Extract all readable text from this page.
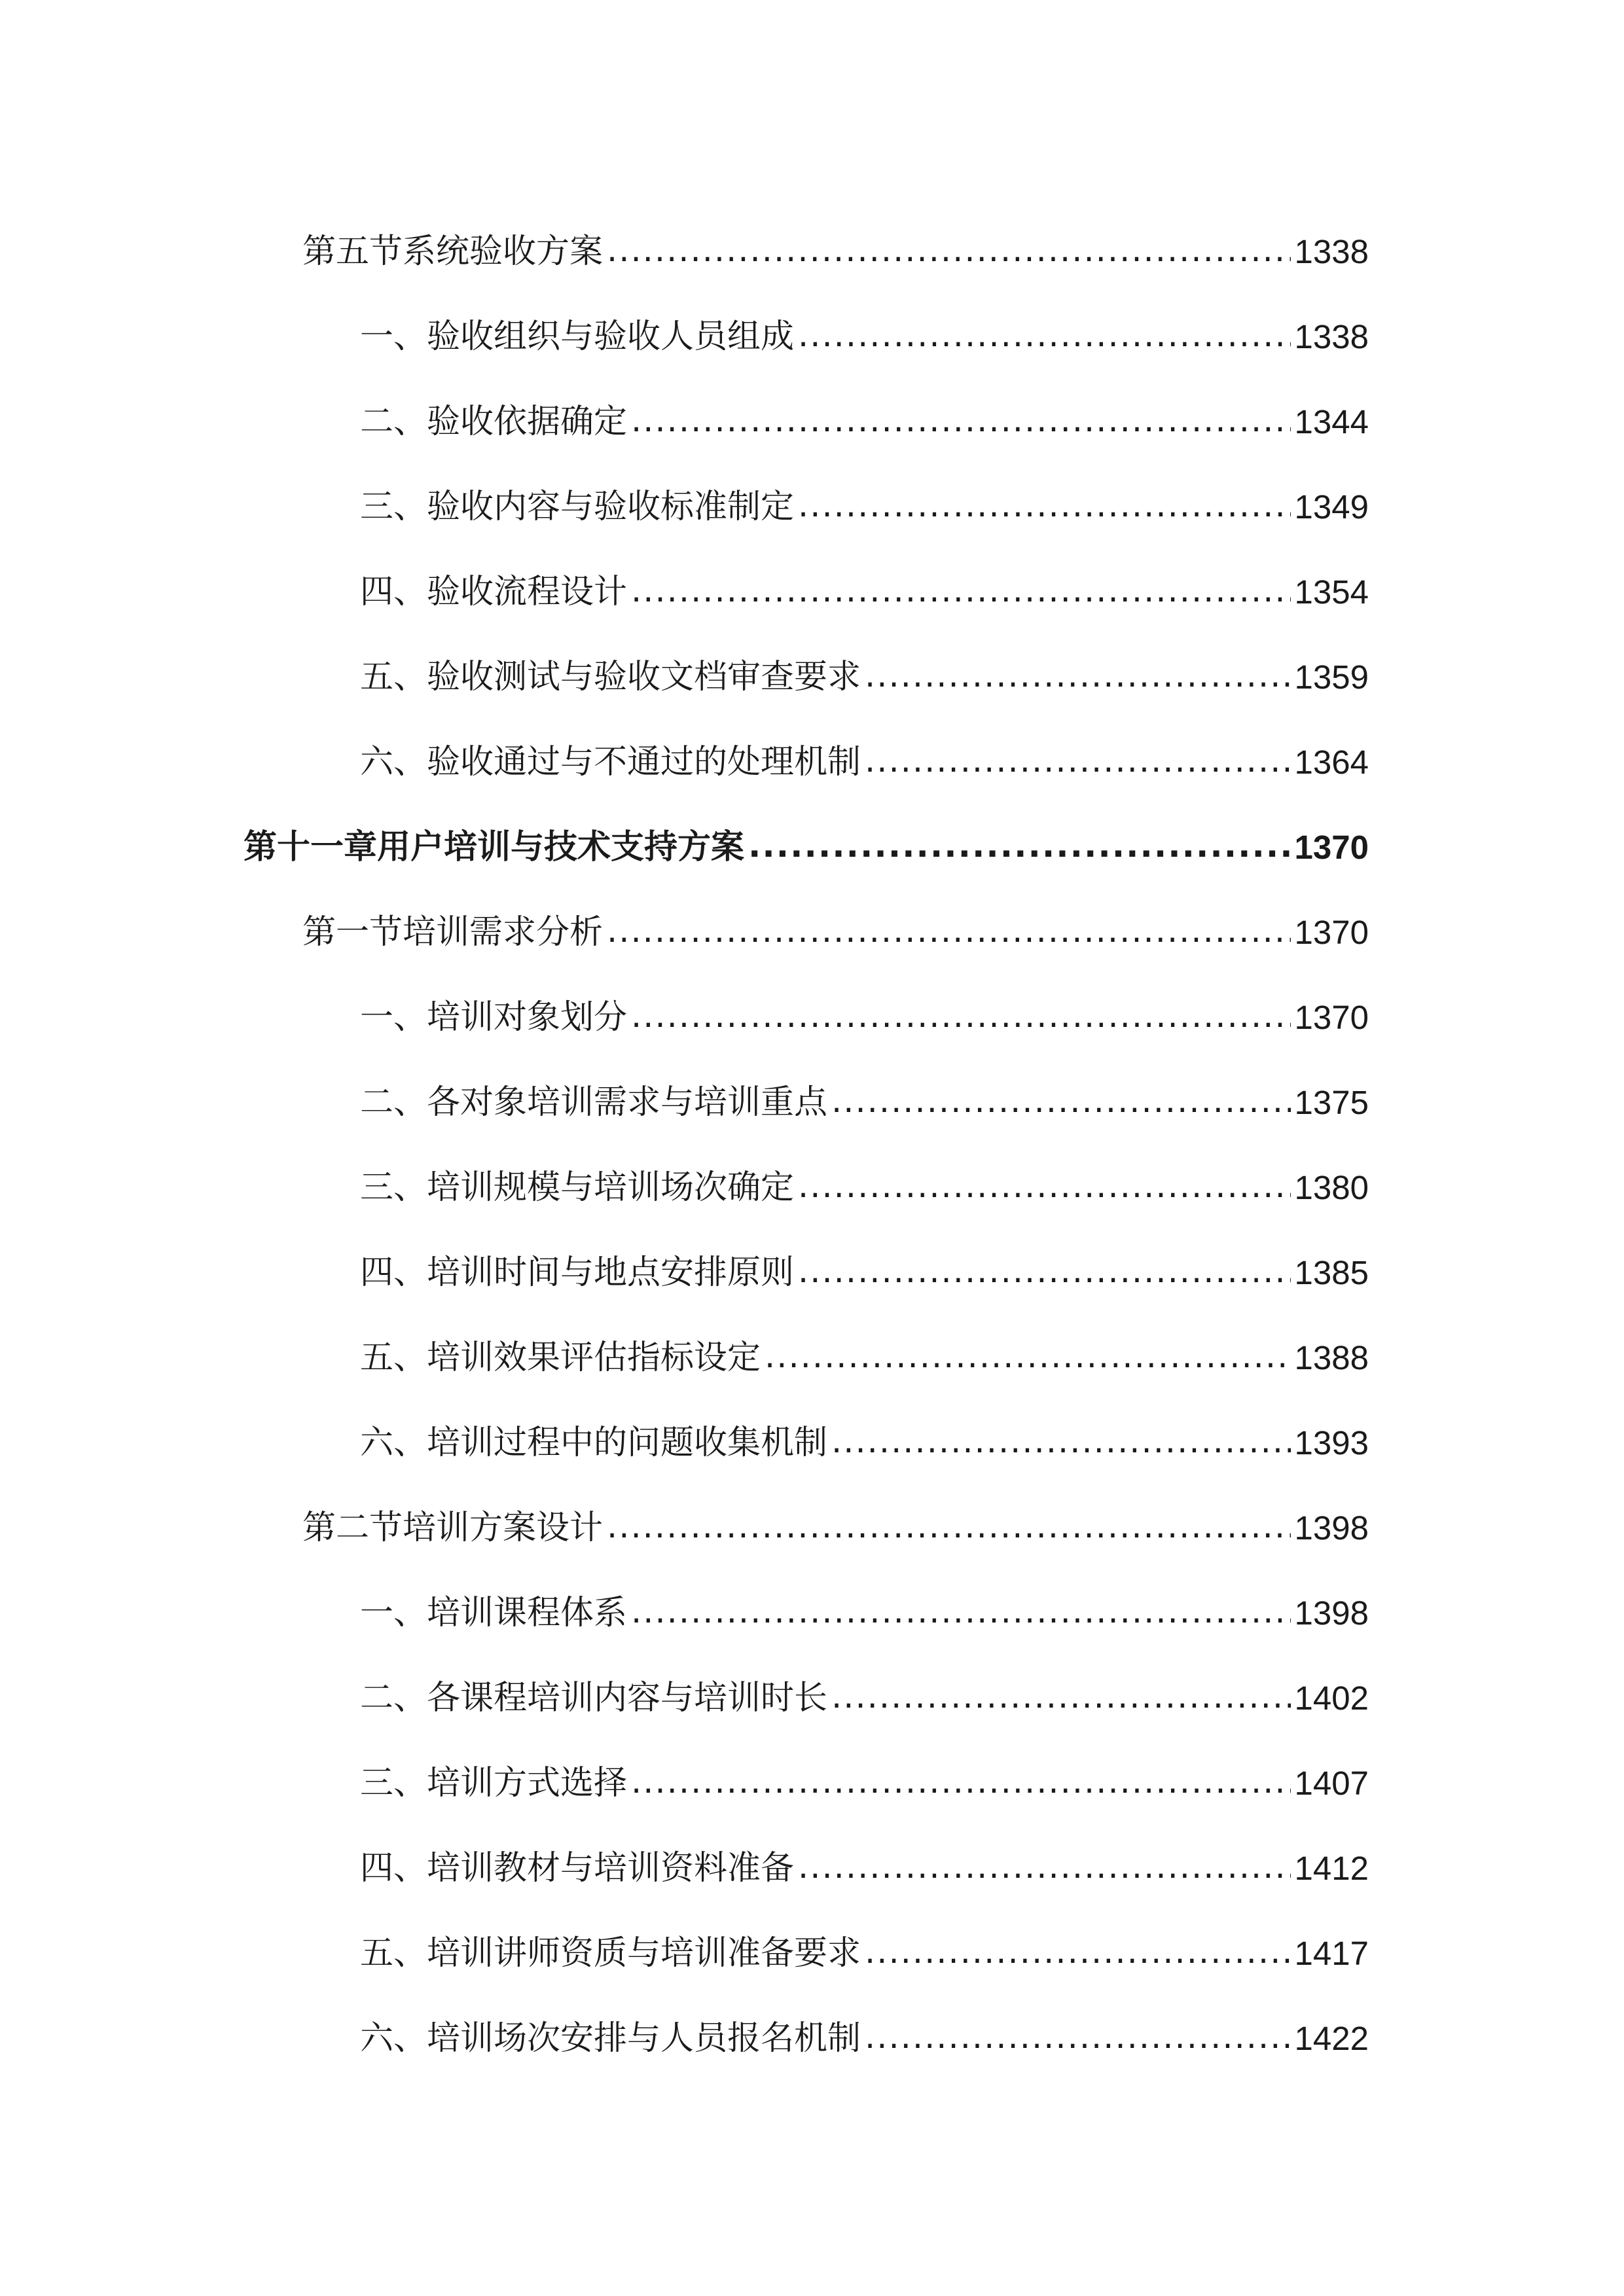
第五节系统验收方案 .....	1338
一、验收组织与验收人员组成 .....	1338
二、验收依据确定 .....	1344
三、验收内容与验收标准制定 .....	1349
四、验收流程设计 .....	1354
五、验收测试与验收文档审查要求 .....	1359
六、验收通过与不通过的处理机制 .....	1364
第十一章用户培训与技术支持方案 .....	1370
第一节培训需求分析 .....	1370
一、培训对象划分 .....	1370
二、各对象培训需求与培训重点 .....	1375
三、培训规模与培训场次确定 .....	1380
四、培训时间与地点安排原则 .....	1385
五、培训效果评估指标设定 .....	1388
六、培训过程中的问题收集机制 .....	1393
第二节培训方案设计 .....	1398
一、培训课程体系 .....	1398
二、各课程培训内容与培训时长 .....	1402
三、培训方式选择 .....	1407
四、培训教材与培训资料准备 .....	1412
五、培训讲师资质与培训准备要求 .....	1417
六、培训场次安排与人员报名机制 .....	1422
